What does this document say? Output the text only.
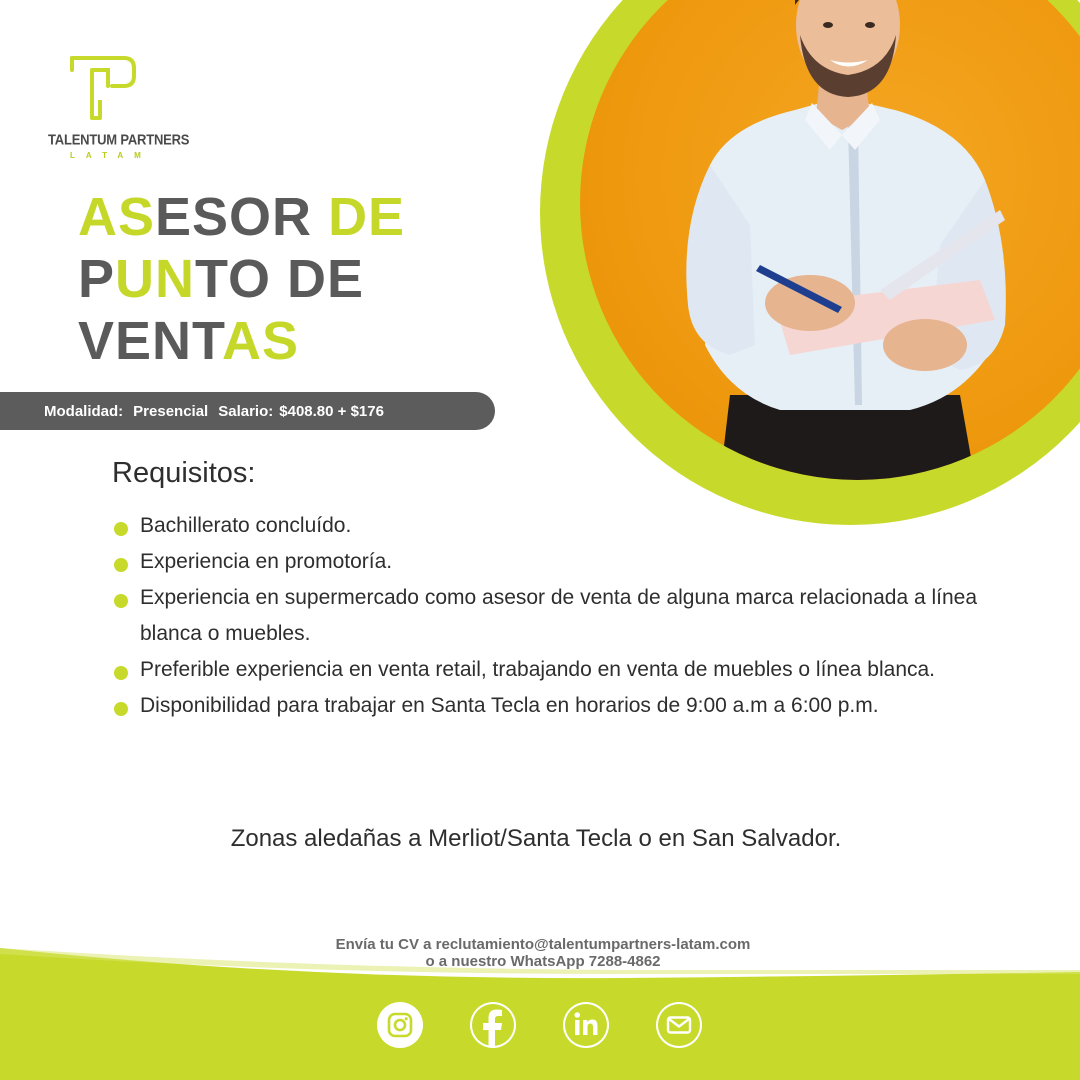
TALENTUM PARTNERS
LATAM
ASESOR DE
PUNTO DE
VENTAS
Modalidad: Presencial Salario: $408.80 + $176
Requisitos:
Bachillerato concluído.
Experiencia en promotoría.
Experiencia en supermercado como asesor de venta de alguna marca relacionada a línea blanca o muebles.
Preferible experiencia en venta retail, trabajando en venta de muebles o línea blanca.
Disponibilidad para trabajar en Santa Tecla en horarios de 9:00 a.m a 6:00 p.m.
Zonas aledañas a Merliot/Santa Tecla o en San Salvador.
Envía tu CV a reclutamiento@talentumpartners-latam.com
o a nuestro WhatsApp 7288-4862
